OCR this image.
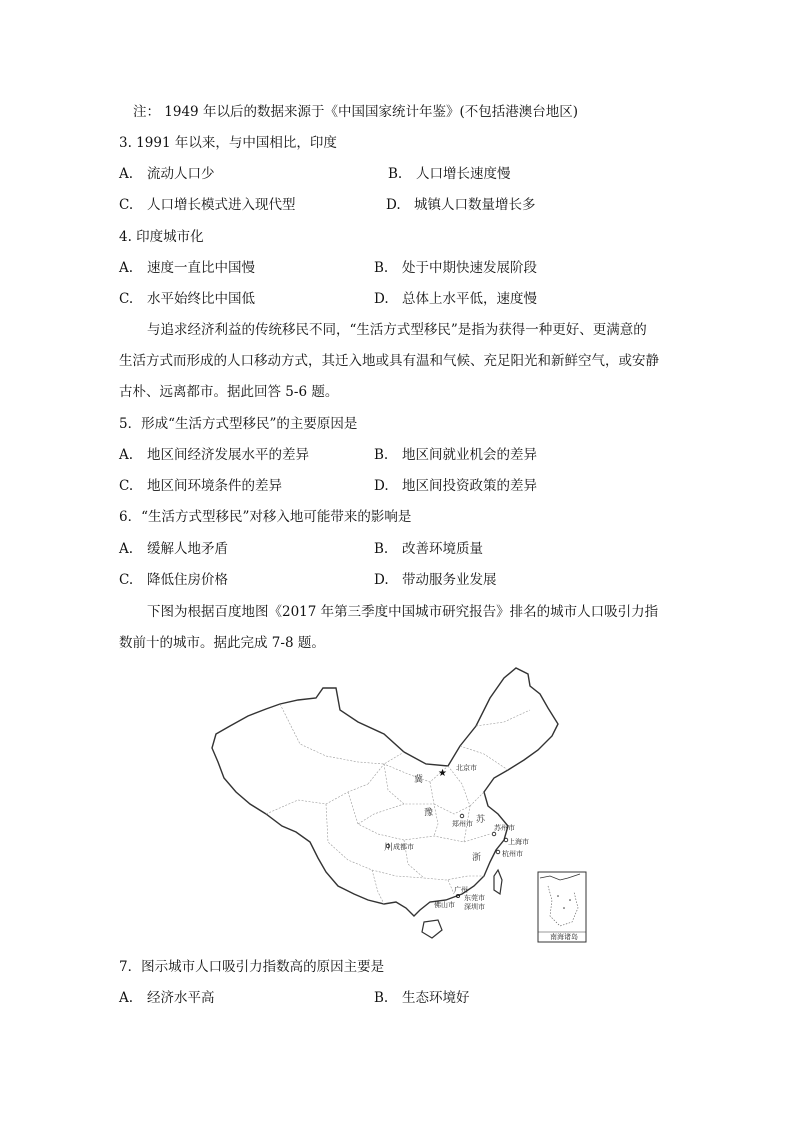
注： 1949 年以后的数据来源于《中国国家统计年鉴》(不包括港澳台地区)
3. 1991 年以来，与中国相比，印度
A. 流动人口少	B. 人口增长速度慢
C. 人口增长模式进入现代型	D. 城镇人口数量增长多
4. 印度城市化
A. 速度一直比中国慢	B. 处于中期快速发展阶段
C. 水平始终比中国低	D. 总体上水平低，速度慢
与追求经济利益的传统移民不同，“生活方式型移民”是指为获得一种更好、更满意的
生活方式而形成的人口移动方式，其迁入地或具有温和气候、充足阳光和新鲜空气，或安静
古朴、远离都市。据此回答 5-6 题。
5．形成“生活方式型移民”的主要原因是
A. 地区间经济发展水平的差异	B. 地区间就业机会的差异
C. 地区间环境条件的差异	D. 地区间投资政策的差异
6．“生活方式型移民”对移入地可能带来的影响是
A. 缓解人地矛盾	B. 改善环境质量
C. 降低住房价格	D. 带动服务业发展
下图为根据百度地图《2017 年第三季度中国城市研究报告》排名的城市人口吸引力指
数前十的城市。据此完成 7-8 题。
冀
豫
苏
浙
川
★ 北京市
郑州市	苏州市
上海市
杭州市
成都市
广州
东莞市
佛山市 深圳市
南海诸岛
7．图示城市人口吸引力指数高的原因主要是
A. 经济水平高	B. 生态环境好
